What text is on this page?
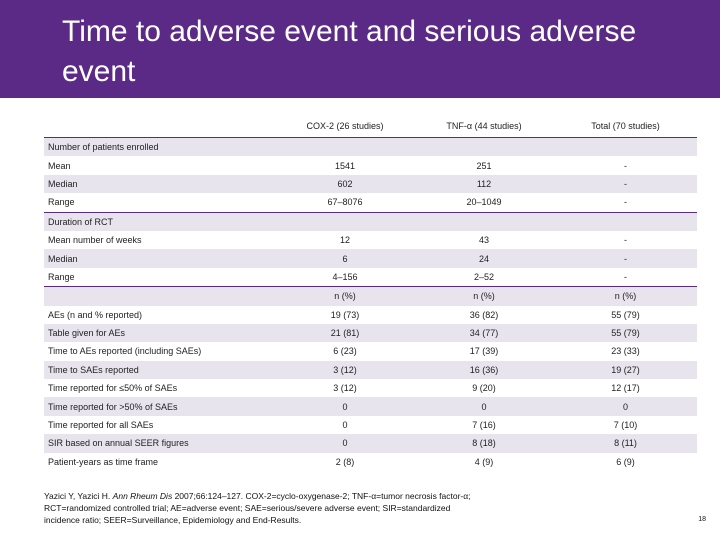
Time to adverse event and serious adverse event
	COX-2 (26 studies)	TNF-α (44 studies)	Total (70 studies)
Number of patients enrolled			
Mean	1541	251	-
Median	602	112	-
Range	67–8076	20–1049	-
Duration of RCT			
Mean number of weeks	12	43	-
Median	6	24	-
Range	4–156	2–52	-
	n (%)	n (%)	n (%)
AEs (n and % reported)	19 (73)	36 (82)	55 (79)
Table given for AEs	21 (81)	34 (77)	55 (79)
Time to AEs reported (including SAEs)	6 (23)	17 (39)	23 (33)
Time to SAEs reported	3 (12)	16 (36)	19 (27)
Time reported for ≤50% of SAEs	3 (12)	9 (20)	12 (17)
Time reported for >50% of SAEs	0	0	0
Time reported for all SAEs	0	7 (16)	7 (10)
SIR based on annual SEER figures	0	8 (18)	8 (11)
Patient-years as time frame	2 (8)	4 (9)	6 (9)
Yazici Y, Yazici H. Ann Rheum Dis 2007;66:124–127. COX-2=cyclo-oxygenase-2; TNF-α=tumor necrosis factor-α; RCT=randomized controlled trial; AE=adverse event; SAE=serious/severe adverse event; SIR=standardized incidence ratio; SEER=Surveillance, Epidemiology and End-Results.	18
